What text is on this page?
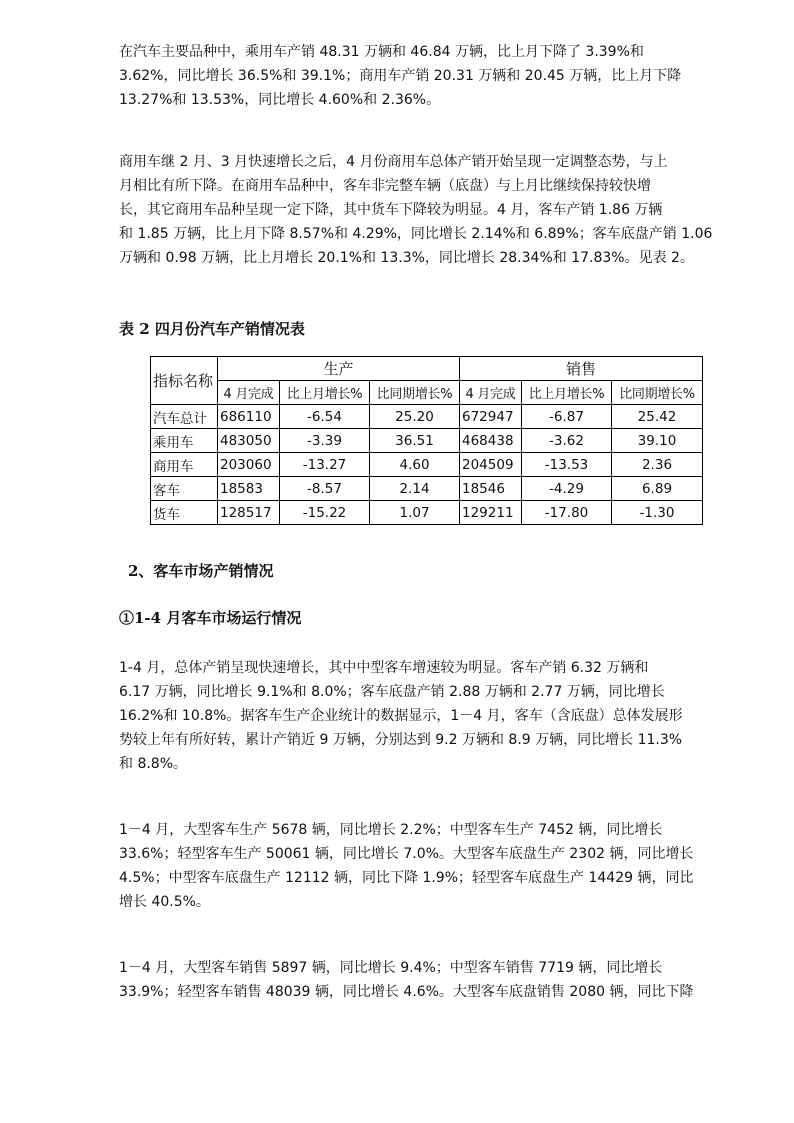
在汽车主要品种中，乘用车产销 48.31 万辆和 46.84 万辆，比上月下降了 3.39%和
3.62%，同比增长 36.5%和 39.1%；商用车产销 20.31 万辆和 20.45 万辆，比上月下降
13.27%和 13.53%，同比增长 4.60%和 2.36%。
商用车继 2 月、3 月快速增长之后，4 月份商用车总体产销开始呈现一定调整态势，与上
月相比有所下降。在商用车品种中，客车非完整车辆（底盘）与上月比继续保持较快增
长，其它商用车品种呈现一定下降，其中货车下降较为明显。4 月，客车产销 1.86 万辆
和 1.85 万辆，比上月下降 8.57%和 4.29%，同比增长 2.14%和 6.89%；客车底盘产销 1.06
万辆和 0.98 万辆，比上月增长 20.1%和 13.3%，同比增长 28.34%和 17.83%。见表 2。
表 2 四月份汽车产销情况表
指标名称	生产			销售		
	4 月完成	比上月增长%	比同期增长%	4 月完成	比上月增长%	比同期增长%
汽车总计	686110	-6.54	25.20	672947	-6.87	25.42
乘用车	483050	-3.39	36.51	468438	-3.62	39.10
商用车	203060	-13.27	4.60	204509	-13.53	2.36
客车	18583	-8.57	2.14	18546	-4.29	6.89
货车	128517	-15.22	1.07	129211	-17.80	-1.30
2、客车市场产销情况
①1-4 月客车市场运行情况
1-4 月，总体产销呈现快速增长，其中中型客车增速较为明显。客车产销 6.32 万辆和
6.17 万辆，同比增长 9.1%和 8.0%；客车底盘产销 2.88 万辆和 2.77 万辆，同比增长
16.2%和 10.8%。据客车生产企业统计的数据显示，1－4 月，客车（含底盘）总体发展形
势较上年有所好转，累计产销近 9 万辆，分别达到 9.2 万辆和 8.9 万辆，同比增长 11.3%
和 8.8%。
1－4 月，大型客车生产 5678 辆，同比增长 2.2%；中型客车生产 7452 辆，同比增长
33.6%；轻型客车生产 50061 辆，同比增长 7.0%。大型客车底盘生产 2302 辆，同比增长
4.5%；中型客车底盘生产 12112 辆，同比下降 1.9%；轻型客车底盘生产 14429 辆，同比
增长 40.5%。
1－4 月，大型客车销售 5897 辆，同比增长 9.4%；中型客车销售 7719 辆，同比增长
33.9%；轻型客车销售 48039 辆，同比增长 4.6%。大型客车底盘销售 2080 辆，同比下降
